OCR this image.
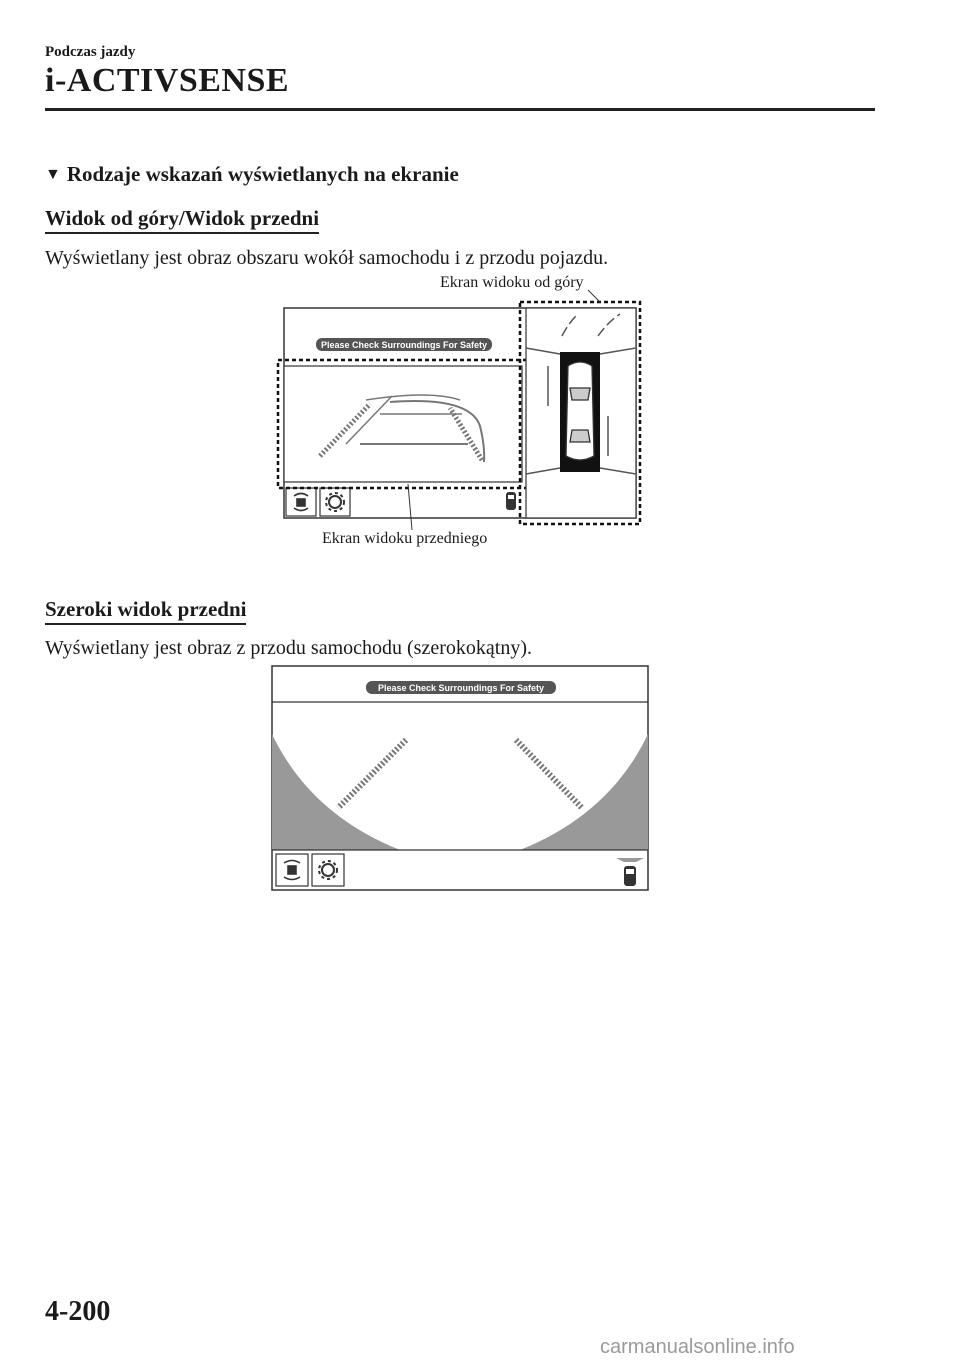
Podczas jazdy
i-ACTIVSENSE
▼ Rodzaje wskazań wyświetlanych na ekranie
Widok od góry/Widok przedni
Wyświetlany jest obraz obszaru wokół samochodu i z przodu pojazdu.
Ekran widoku od góry
Please Check Surroundings For Safety
Ekran widoku przedniego
Szeroki widok przedni
Wyświetlany jest obraz z przodu samochodu (szerokokątny).
Please Check Surroundings For Safety
4-200
carmanualsonline.info
